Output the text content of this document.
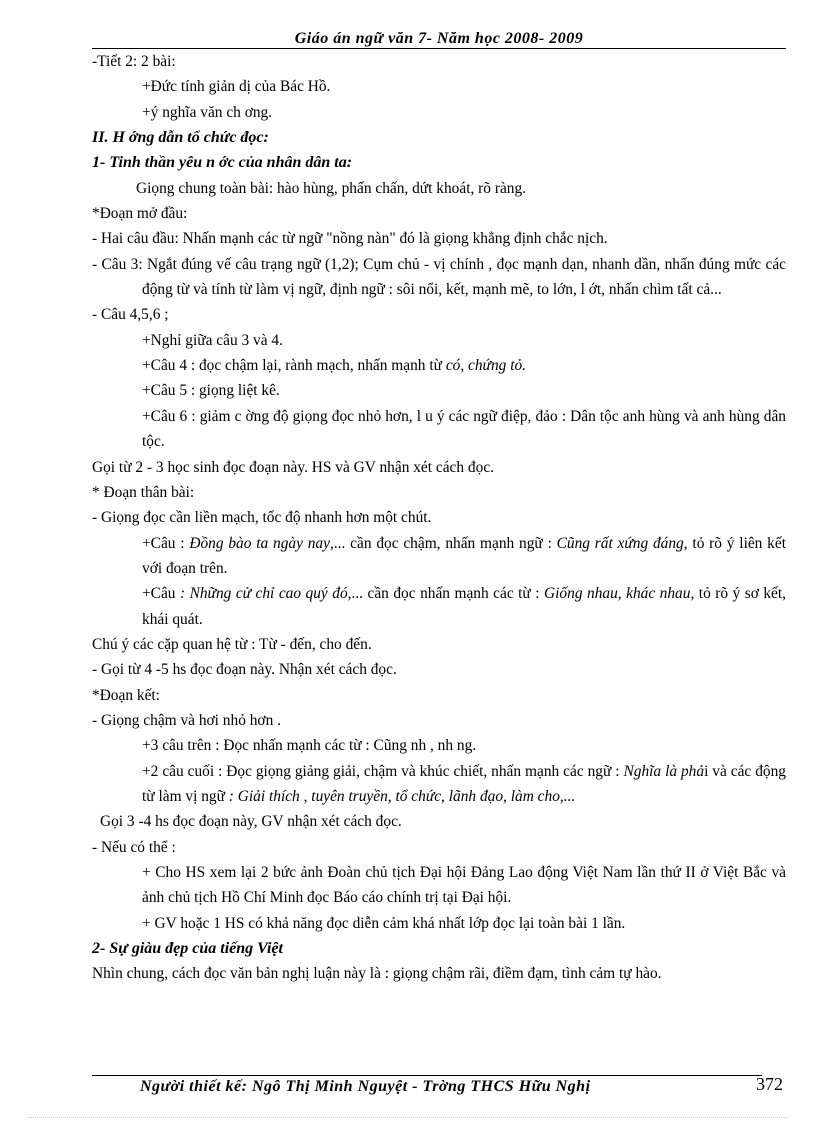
Giáo án ngữ văn 7- Năm học 2008- 2009

-Tiết 2: 2 bài:

+Đức tính giản dị của Bác Hồ.

+ý nghĩa văn ch ơng.

II. H ớng dẫn tổ chức đọc:

1- Tinh thần yêu n ớc của nhân dân ta:

Giọng chung toàn bài: hào hùng, phấn chấn, dứt khoát, rõ ràng.

*Đoạn mở đầu:

- Hai câu đầu: Nhấn mạnh các từ ngữ "nồng nàn" đó là giọng khẳng định chắc nịch.

- Câu 3: Ngắt đúng vế câu trạng ngữ (1,2); Cụm chủ - vị chính , đọc mạnh dạn, nhanh dần, nhấn đúng mức các động từ và tính từ làm vị ngữ, định ngữ : sôi nổi, kết, mạnh mẽ, to lớn, l ớt, nhấn chìm tất cả...

- Câu 4,5,6 ;

+Nghỉ giữa câu 3 và 4.

+Câu 4 : đọc chậm lại, rành mạch, nhấn mạnh từ có, chứng tỏ.

+Câu 5 : giọng liệt kê.

+Câu 6 : giảm c ờng độ giọng đọc nhỏ hơn, l u ý các ngữ điệp, đảo : Dân tộc anh hùng và anh hùng dân tộc.

Gọi từ 2 - 3 học sinh đọc đoạn này. HS và GV nhận xét cách đọc.

* Đoạn thân bài:

- Giọng đọc cần liền mạch, tốc độ nhanh hơn một chút.

+Câu : Đồng bào ta ngày nay,... cần đọc chậm, nhấn mạnh ngữ : Cũng rất xứng đáng, tỏ rõ ý liên kết với đoạn trên.

+Câu : Những cử chỉ cao quý đó,... cần đọc nhấn mạnh các từ : Giống nhau, khác nhau, tỏ rõ ý sơ kết, khái quát.

Chú ý các cặp quan hệ từ : Từ - đến, cho đến.

- Gọi từ 4 -5 hs đọc đoạn này. Nhận xét cách đọc.

*Đoạn kết:

- Giọng chậm và hơi nhỏ hơn .

+3 câu trên : Đọc nhấn mạnh các từ : Cũng nh , nh ng.

+2 câu cuối : Đọc giọng giảng giải, chậm và khúc chiết, nhấn mạnh các ngữ : Nghĩa là phải và các động từ làm vị ngữ : Giải thích , tuyên truyền, tổ chức, lãnh đạo, làm cho,...

Gọi 3 -4 hs đọc đoạn này, GV nhận xét cách đọc.

- Nếu có thể :

+ Cho HS xem lại 2 bức ảnh Đoàn chủ tịch Đại hội Đảng Lao động Việt Nam lần thứ II ở Việt Bắc và ảnh chủ tịch Hồ Chí Minh đọc Báo cáo chính trị tại Đại hội.

+ GV hoặc 1 HS có khả năng đọc diễn cảm khá nhất lớp đọc lại toàn bài 1 lần.

2- Sự giàu đẹp của tiếng Việt

Nhìn chung, cách đọc văn bản nghị luận này là : giọng chậm rãi, điềm đạm, tình cảm tự hào.

Người thiết kế: Ngô Thị Minh Nguyệt - Trờng THCS Hữu Nghị	372
